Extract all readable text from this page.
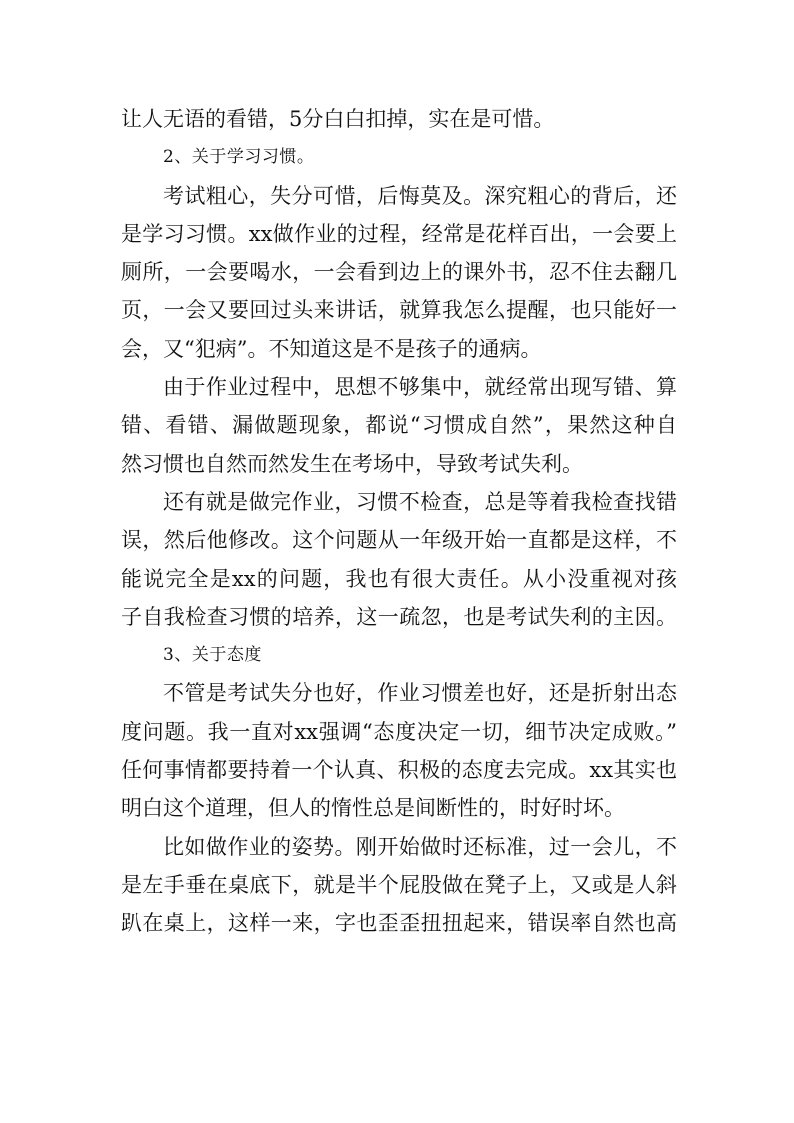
让人无语的看错，5分白白扣掉，实在是可惜。
2、关于学习习惯。
考试粗心，失分可惜，后悔莫及。深究粗心的背后，还
是学习习惯。xx做作业的过程，经常是花样百出，一会要上
厕所，一会要喝水，一会看到边上的课外书，忍不住去翻几
页，一会又要回过头来讲话，就算我怎么提醒，也只能好一
会，又“犯病”。不知道这是不是孩子的通病。
由于作业过程中，思想不够集中，就经常出现写错、算
错、看错、漏做题现象，都说“习惯成自然”，果然这种自
然习惯也自然而然发生在考场中，导致考试失利。
还有就是做完作业，习惯不检查，总是等着我检查找错
误，然后他修改。这个问题从一年级开始一直都是这样，不
能说完全是xx的问题，我也有很大责任。从小没重视对孩
子自我检查习惯的培养，这一疏忽，也是考试失利的主因。
3、关于态度
不管是考试失分也好，作业习惯差也好，还是折射出态
度问题。我一直对xx强调“态度决定一切，细节决定成败。”
任何事情都要持着一个认真、积极的态度去完成。xx其实也
明白这个道理，但人的惰性总是间断性的，时好时坏。
比如做作业的姿势。刚开始做时还标准，过一会儿，不
是左手垂在桌底下，就是半个屁股做在凳子上，又或是人斜
趴在桌上，这样一来，字也歪歪扭扭起来，错误率自然也高
